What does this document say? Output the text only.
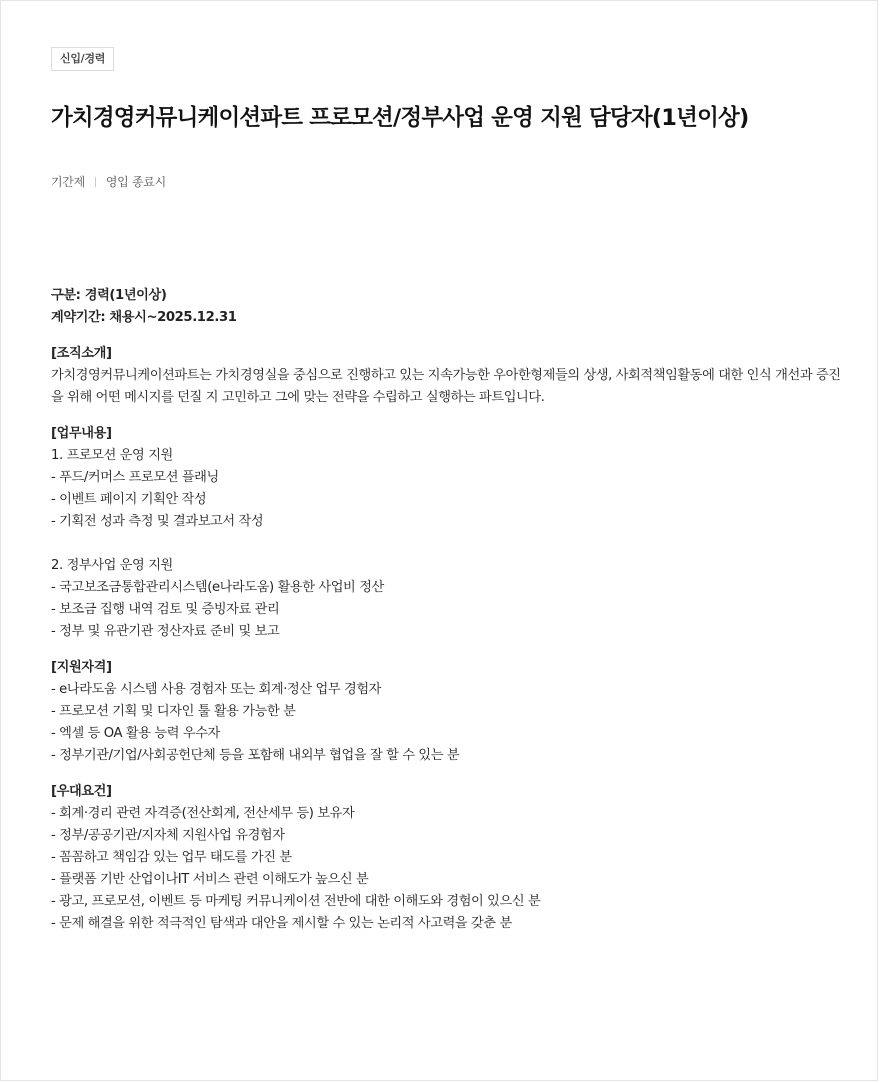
신입/경력
가치경영커뮤니케이션파트 프로모션/정부사업 운영 지원 담당자(1년이상)
기간제 영입 종료시

구분: 경력(1년이상)

계약기간: 채용시~2025.12.31

[조직소개]

가치경영커뮤니케이션파트는 가치경영실을 중심으로 진행하고 있는 지속가능한 우아한형제들의 상생, 사회적책임활동에 대한 인식 개선과 증진을 위해 어떤 메시지를 던질 지 고민하고 그에 맞는 전략을 수립하고 실행하는 파트입니다.

[업무내용]

1. 프로모션 운영 지원

- 푸드/커머스 프로모션 플래닝

- 이벤트 페이지 기획안 작성

- 기획전 성과 측정 및 결과보고서 작성

2. 정부사업 운영 지원

- 국고보조금통합관리시스템(e나라도움) 활용한 사업비 정산

- 보조금 집행 내역 검토 및 증빙자료 관리

- 정부 및 유관기관 정산자료 준비 및 보고

[지원자격]

- e나라도움 시스템 사용 경험자 또는 회계·정산 업무 경험자

- 프로모션 기획 및 디자인 툴 활용 가능한 분

- 엑셀 등 OA 활용 능력 우수자

- 정부기관/기업/사회공헌단체 등을 포함해 내외부 협업을 잘 할 수 있는 분

[우대요건]

- 회계·경리 관련 자격증(전산회계, 전산세무 등) 보유자

- 정부/공공기관/지자체 지원사업 유경험자

- 꼼꼼하고 책임감 있는 업무 태도를 가진 분

- 플랫폼 기반 산업이나IT 서비스 관련 이해도가 높으신 분

- 광고, 프로모션, 이벤트 등 마케팅 커뮤니케이션 전반에 대한 이해도와 경험이 있으신 분

- 문제 해결을 위한 적극적인 탐색과 대안을 제시할 수 있는 논리적 사고력을 갖춘 분
